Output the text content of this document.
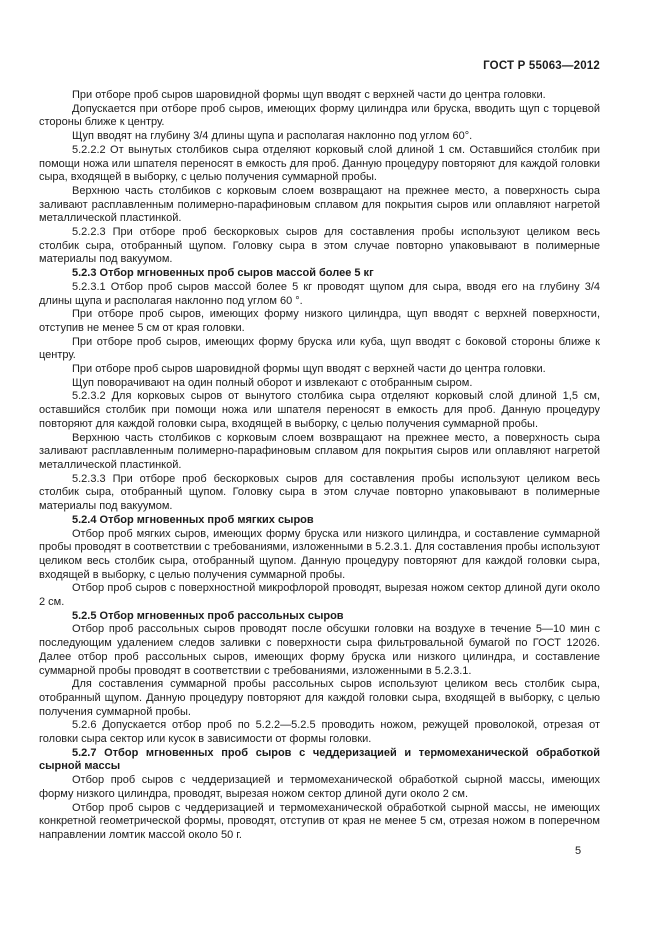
ГОСТ Р 55063—2012

При отборе проб сыров шаровидной формы щуп вводят с верхней части до центра головки.

Допускается при отборе проб сыров, имеющих форму цилиндра или бруска, вводить щуп с торцевой стороны ближе к центру.

Щуп вводят на глубину 3/4 длины щупа и располагая наклонно под углом 60°.

5.2.2.2 От вынутых столбиков сыра отделяют корковый слой длиной 1 см. Оставшийся столбик при помощи ножа или шпателя переносят в емкость для проб. Данную процедуру повторяют для каждой головки сыра, входящей в выборку, с целью получения суммарной пробы.

Верхнюю часть столбиков с корковым слоем возвращают на прежнее место, а поверхность сыра заливают расплавленным полимерно-парафиновым сплавом для покрытия сыров или оплавляют нагретой металлической пластинкой.

5.2.2.3 При отборе проб бескорковых сыров для составления пробы используют целиком весь столбик сыра, отобранный щупом. Головку сыра в этом случае повторно упаковывают в полимерные материалы под вакуумом.

5.2.3 Отбор мгновенных проб сыров массой более 5 кг

5.2.3.1 Отбор проб сыров массой более 5 кг проводят щупом для сыра, вводя его на глубину 3/4 длины щупа и располагая наклонно под углом 60 °.

При отборе проб сыров, имеющих форму низкого цилиндра, щуп вводят с верхней поверхности, отступив не менее 5 см от края головки.

При отборе проб сыров, имеющих форму бруска или куба, щуп вводят с боковой стороны ближе к центру.

При отборе проб сыров шаровидной формы щуп вводят с верхней части до центра головки.

Щуп поворачивают на один полный оборот и извлекают с отобранным сыром.

5.2.3.2 Для корковых сыров от вынутого столбика сыра отделяют корковый слой длиной 1,5 см, оставшийся столбик при помощи ножа или шпателя переносят в емкость для проб. Данную процедуру повторяют для каждой головки сыра, входящей в выборку, с целью получения суммарной пробы.

Верхнюю часть столбиков с корковым слоем возвращают на прежнее место, а поверхность сыра заливают расплавленным полимерно-парафиновым сплавом для покрытия сыров или оплавляют нагретой металлической пластинкой.

5.2.3.3 При отборе проб бескорковых сыров для составления пробы используют целиком весь столбик сыра, отобранный щупом. Головку сыра в этом случае повторно упаковывают в полимерные материалы под вакуумом.

5.2.4 Отбор мгновенных проб мягких сыров

Отбор проб мягких сыров, имеющих форму бруска или низкого цилиндра, и составление суммарной пробы проводят в соответствии с требованиями, изложенными в 5.2.3.1. Для составления пробы используют целиком весь столбик сыра, отобранный щупом. Данную процедуру повторяют для каждой головки сыра, входящей в выборку, с целью получения суммарной пробы.

Отбор проб сыров с поверхностной микрофлорой проводят, вырезая ножом сектор длиной дуги около 2 см.

5.2.5 Отбор мгновенных проб рассольных сыров

Отбор проб рассольных сыров проводят после обсушки головки на воздухе в течение 5—10 мин с последующим удалением следов заливки с поверхности сыра фильтровальной бумагой по ГОСТ 12026. Далее отбор проб рассольных сыров, имеющих форму бруска или низкого цилиндра, и составление суммарной пробы проводят в соответствии с требованиями, изложенными в 5.2.3.1.

Для составления суммарной пробы рассольных сыров используют целиком весь столбик сыра, отобранный щупом. Данную процедуру повторяют для каждой головки сыра, входящей в выборку, с целью получения суммарной пробы.

5.2.6 Допускается отбор проб по 5.2.2—5.2.5 проводить ножом, режущей проволокой, отрезая от головки сыра сектор или кусок в зависимости от формы головки.

5.2.7 Отбор мгновенных проб сыров с чеддеризацией и термомеханической обработкой сырной массы

Отбор проб сыров с чеддеризацией и термомеханической обработкой сырной массы, имеющих форму низкого цилиндра, проводят, вырезая ножом сектор длиной дуги около 2 см.

Отбор проб сыров с чеддеризацией и термомеханической обработкой сырной массы, не имеющих конкретной геометрической формы, проводят, отступив от края не менее 5 см, отрезая ножом в поперечном направлении ломтик массой около 50 г.

5
